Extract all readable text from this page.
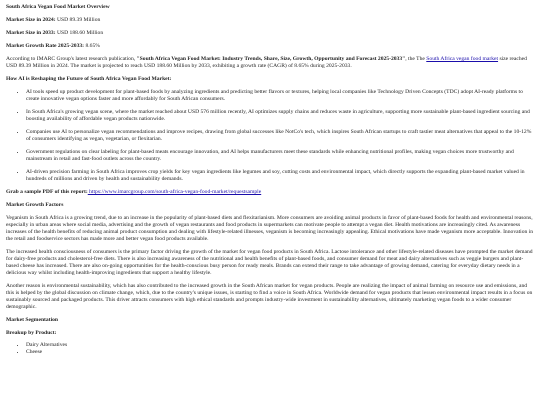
South Africa Vegan Food Market Overview
Market Size in 2024: USD 89.39 Million
Market Size in 2033: USD 188.60 Million
Market Growth Rate 2025-2033: 8.65%

According to IMARC Group's latest research publication, "South Africa Vegan Food Market: Industry Trends, Share, Size, Growth, Opportunity and Forecast 2025-2033", the The South Africa vegan food market size reached USD 89.39 Million in 2024. The market is projected to reach USD 188.60 Million by 2033, exhibiting a growth rate (CAGR) of 8.65% during 2025-2033.

How AI is Reshaping the Future of South Africa Vegan Food Market:
• AI tools speed up product development for plant-based foods by analyzing ingredients and predicting better flavors or textures, helping local companies like Technology Driven Concepts (TDC) adopt AI-ready platforms to create innovative vegan options faster and more affordably for South African consumers.
• In South Africa's growing vegan scene, where the market reached about USD 576 million recently, AI optimizes supply chains and reduces waste in agriculture, supporting more sustainable plant-based ingredient sourcing and boosting availability of affordable vegan products nationwide.
• Companies use AI to personalize vegan recommendations and improve recipes, drawing from global successes like NotCo's tech, which inspires South African startups to craft tastier meat alternatives that appeal to the 10-12% of consumers identifying as vegan, vegetarian, or flexitarian.
• Government regulations on clear labeling for plant-based meats encourage innovation, and AI helps manufacturers meet these standards while enhancing nutritional profiles, making vegan choices more trustworthy and mainstream in retail and fast-food outlets across the country.
• AI-driven precision farming in South Africa improves crop yields for key vegan ingredients like legumes and soy, cutting costs and environmental impact, which directly supports the expanding plant-based market valued in hundreds of millions and driven by health and sustainability demands.

Grab a sample PDF of this report: https://www.imarcgroup.com/south-africa-vegan-food-market/requestsample

Market Growth Factors

Veganism in South Africa is a growing trend, due to an increase in the popularity of plant-based diets and flexitarianism. More consumers are avoiding animal products in favor of plant-based foods for health and environmental reasons, especially in urban areas where social media, advertising and the growth of vegan restaurants and food products in supermarkets can motivate people to attempt a vegan diet. Health motivations are increasingly cited. As awareness increases of the health benefits of reducing animal product consumption and dealing with lifestyle-related illnesses, veganism is becoming increasingly appealing. Ethical motivations have made veganism more acceptable. Innovation in the retail and foodservice sectors has made more and better vegan food products available.

The increased health consciousness of consumers is the primary factor driving the growth of the market for vegan food products in South Africa. Lactose intolerance and other lifestyle-related diseases have prompted the market demand for dairy-free products and cholesterol-free diets. There is also increasing awareness of the nutritional and health benefits of plant-based foods, and consumer demand for meat and dairy alternatives such as veggie burgers and plant-based cheese has increased. There are also on-going opportunities for the health-conscious busy person for ready meals. Brands can extend their range to take advantage of growing demand, catering for everyday dietary needs in a delicious way whilst including health-improving ingredients that support a healthy lifestyle.

Another reason is environmental sustainability, which has also contributed to the increased growth in the South African market for vegan products. People are realizing the impact of animal farming on resource use and emissions, and this is helped by the global discussion on climate change, which, due to the country's unique issues, is starting to find a voice in South Africa. Worldwide demand for vegan products that lessen environmental impact results in a focus on sustainably sourced and packaged products. This driver attracts consumers with high ethical standards and prompts industry-wide investment in sustainability alternatives, ultimately marketing vegan foods to a wider consumer demographic.

Market Segmentation
Breakup by Product:
• Dairy Alternatives
• Cheese
